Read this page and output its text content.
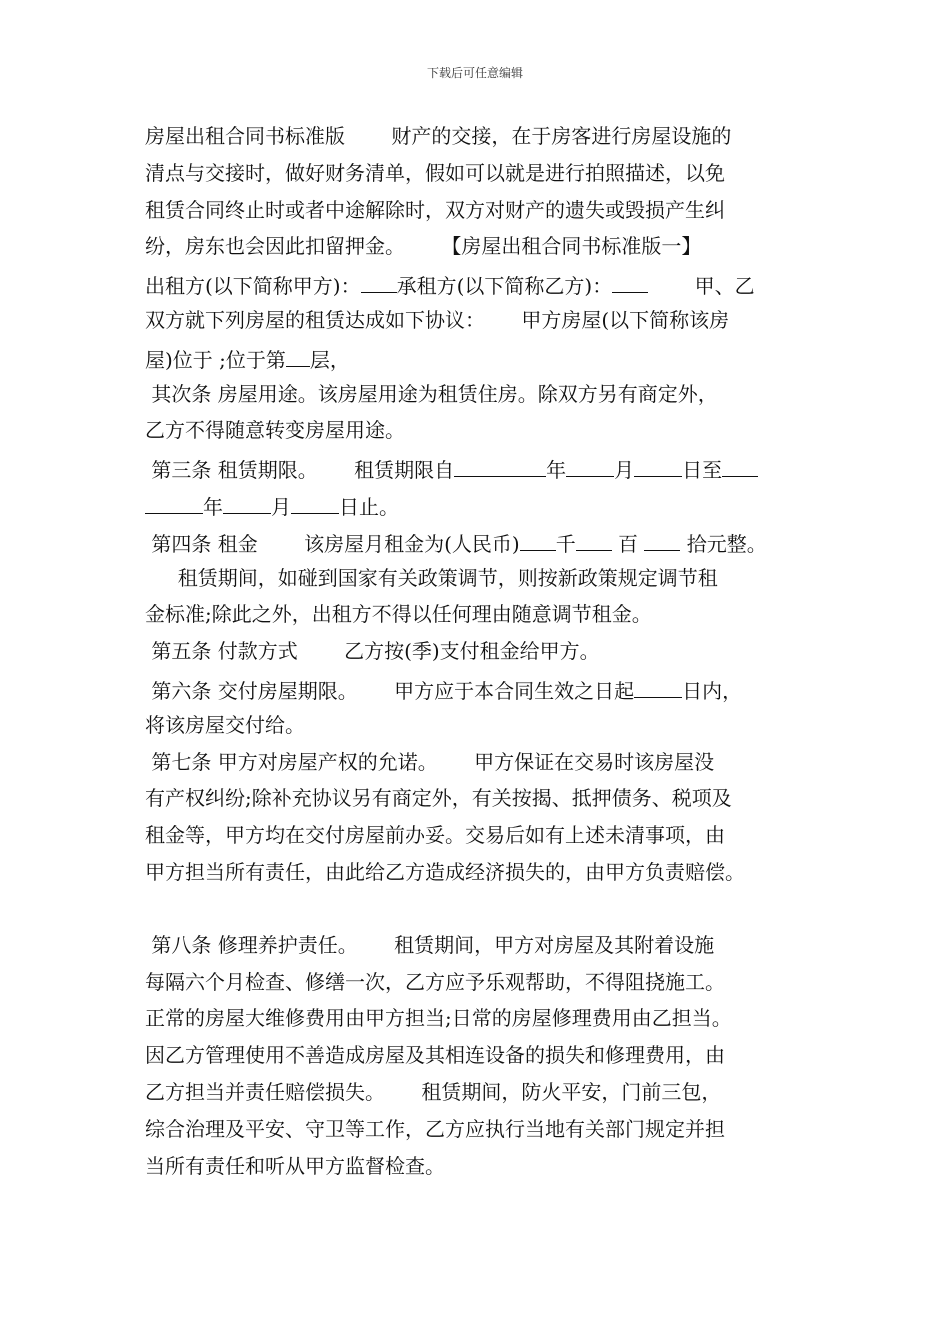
下载后可任意编辑
房屋出租合同书标准版　　 财产的交接，在于房客进行房屋设施的
清点与交接时，做好财务清单，假如可以就是进行拍照描述，以免
租赁合同终止时或者中途解除时，双方对财产的遗失或毁损产生纠
纷，房东也会因此扣留押金。　　 【房屋出租合同书标准版一】
出租方(以下简称甲方)： 承租方(以下简称乙方)：　　 甲、乙
双方就下列房屋的租赁达成如下协议：　　 甲方房屋(以下简称该房
屋)位于 ;位于第 层，
其次条 房屋用途。该房屋用途为租赁住房。除双方另有商定外，
乙方不得随意转变房屋用途。
第三条 租赁期限。　　 租赁期限自	年 月 日至
年 月 日止。
第四条 租金　　 该房屋月租金为(人民币) 千 百  拾元整。
　 租赁期间，如碰到国家有关政策调节，则按新政策规定调节租
金标准;除此之外，出租方不得以任何理由随意调节租金。
第五条 付款方式　　 乙方按(季)支付租金给甲方。
第六条 交付房屋期限。　　 甲方应于本合同生效之日起 日内，
将该房屋交付给。
第七条 甲方对房屋产权的允诺。　　 甲方保证在交易时该房屋没
有产权纠纷;除补充协议另有商定外，有关按揭、抵押债务、税项及
租金等，甲方均在交付房屋前办妥。交易后如有上述未清事项，由
甲方担当所有责任，由此给乙方造成经济损失的，由甲方负责赔偿。
第八条 修理养护责任。　　 租赁期间，甲方对房屋及其附着设施
每隔六个月检查、修缮一次，乙方应予乐观帮助，不得阻挠施工。
正常的房屋大维修费用由甲方担当;日常的房屋修理费用由乙担当。
因乙方管理使用不善造成房屋及其相连设备的损失和修理费用，由
乙方担当并责任赔偿损失。　　 租赁期间，防火平安，门前三包，
综合治理及平安、守卫等工作，乙方应执行当地有关部门规定并担
当所有责任和听从甲方监督检查。
